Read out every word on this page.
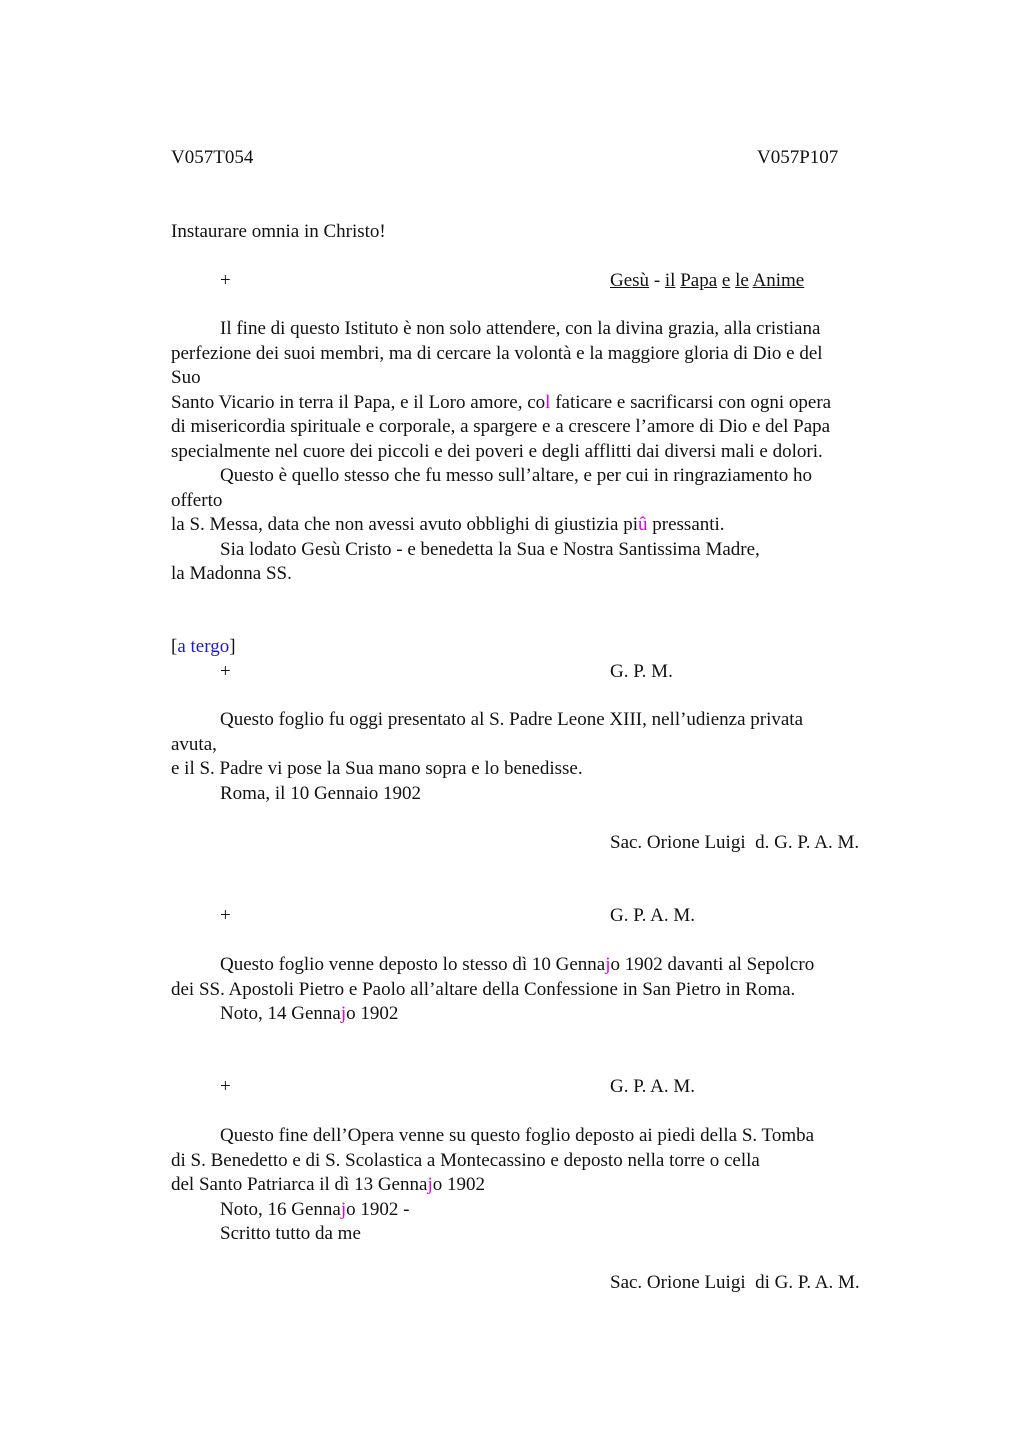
V057T054	V057P107
Instaurare omnia in Christo!
+	Gesù - il Papa e le Anime
Il fine di questo Istituto è non solo attendere, con la divina grazia, alla cristiana
perfezione dei suoi membri, ma di cercare la volontà e la maggiore gloria di Dio e del
Suo
Santo Vicario in terra il Papa, e il Loro amore, col faticare e sacrificarsi con ogni opera
di misericordia spirituale e corporale, a spargere e a crescere l’amore di Dio e del Papa
specialmente nel cuore dei piccoli e dei poveri e degli afflitti dai diversi mali e dolori.
Questo è quello stesso che fu messo sull’altare, e per cui in ringraziamento ho
offerto
la S. Messa, data che non avessi avuto obblighi di giustizia piû pressanti.
Sia lodato Gesù Cristo - e benedetta la Sua e Nostra Santissima Madre,
la Madonna SS.
[a tergo]
+	G. P. M.
Questo foglio fu oggi presentato al S. Padre Leone XIII, nell’udienza privata
avuta,
e il S. Padre vi pose la Sua mano sopra e lo benedisse.
Roma, il 10 Gennaio 1902
Sac. Orione Luigi  d. G. P. A. M.
+	G. P. A. M.
Questo foglio venne deposto lo stesso dì 10 Gennajo 1902 davanti al Sepolcro
dei SS. Apostoli Pietro e Paolo all’altare della Confessione in San Pietro in Roma.
Noto, 14 Gennajo 1902
+	G. P. A. M.
Questo fine dell’Opera venne su questo foglio deposto ai piedi della S. Tomba
di S. Benedetto e di S. Scolastica a Montecassino e deposto nella torre o cella
del Santo Patriarca il dì 13 Gennajo 1902
Noto, 16 Gennajo 1902 -
Scritto tutto da me
Sac. Orione Luigi  di G. P. A. M.
